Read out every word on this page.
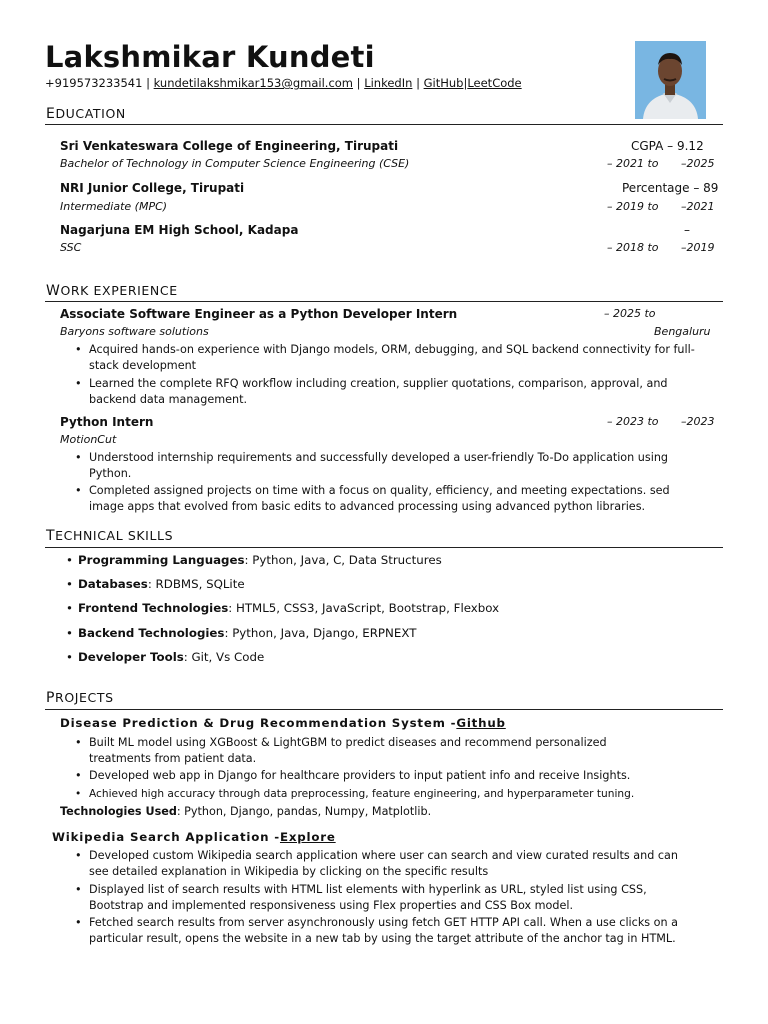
Lakshmikar Kundeti
+919573233541 | kundetilakshmikar153@gmail.com | LinkedIn | GitHub|LeetCode
EDUCATION
Sri Venkateswara College of Engineering, Tirupati	CGPA – 9.12
Bachelor of Technology in Computer Science Engineering (CSE)	– 2021 to –2025
NRI Junior College, Tirupati	Percentage – 89
Intermediate (MPC)	– 2019 to –2021
Nagarjuna EM High School, Kadapa	–
SSC	– 2018 to –2019
WORK EXPERIENCE
Associate Software Engineer as a Python Developer Intern	– 2025 to
Baryons software solutions	Bengaluru
• Acquired hands-on experience with Django models, ORM, debugging, and SQL backend connectivity for full-
stack development
• Learned the complete RFQ workflow including creation, supplier quotations, comparison, approval, and
backend data management.
Python Intern	– 2023 to –2023
MotionCut
• Understood internship requirements and successfully developed a user-friendly To-Do application using
Python.
• Completed assigned projects on time with a focus on quality, efficiency, and meeting expectations. sed
image apps that evolved from basic edits to advanced processing using advanced python libraries.
TECHNICAL SKILLS
• Programming Languages: Python, Java, C, Data Structures
• Databases: RDBMS, SQLite
• Frontend Technologies: HTML5, CSS3, JavaScript, Bootstrap, Flexbox
• Backend Technologies: Python, Java, Django, ERPNEXT
• Developer Tools: Git, Vs Code
PROJECTS
Disease Prediction & Drug Recommendation System -Github
• Built ML model using XGBoost & LightGBM to predict diseases and recommend personalized
treatments from patient data.
• Developed web app in Django for healthcare providers to input patient info and receive Insights.
• Achieved high accuracy through data preprocessing, feature engineering, and hyperparameter tuning.
Technologies Used: Python, Django, pandas, Numpy, Matplotlib.
Wikipedia Search Application -Explore
• Developed custom Wikipedia search application where user can search and view curated results and can
see detailed explanation in Wikipedia by clicking on the specific results
• Displayed list of search results with HTML list elements with hyperlink as URL, styled list using CSS,
Bootstrap and implemented responsiveness using Flex properties and CSS Box model.
• Fetched search results from server asynchronously using fetch GET HTTP API call. When a use clicks on a
particular result, opens the website in a new tab by using the target attribute of the anchor tag in HTML.
